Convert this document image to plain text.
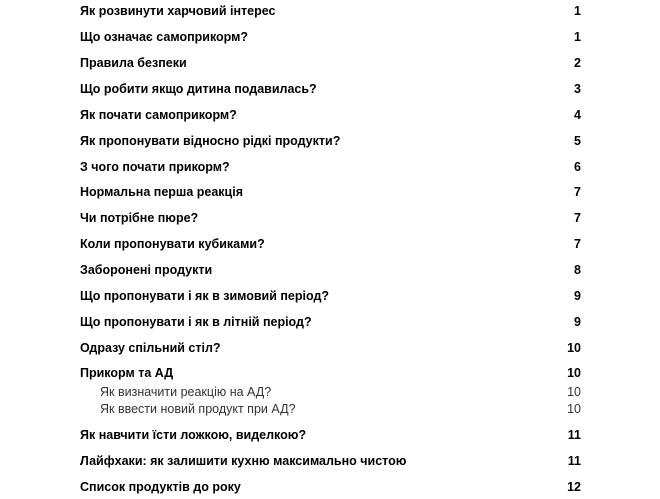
Як розвинути харчовий інтерес	1
Що означає самоприкорм?	1
Правила безпеки	2
Що робити якщо дитина подавилась?	3
Як почати самоприкорм?	4
Як пропонувати відносно рідкі продукти?	5
З чого почати прикорм?	6
Нормальна перша реакція	7
Чи потрібне пюре?	7
Коли пропонувати кубиками?	7
Заборонені продукти	8
Що пропонувати і як в зимовий період?	9
Що пропонувати і як в літній період?	9
Одразу спільний стіл?	10
Прикорм та АД	10
Як визначити реакцію на АД?	10
Як ввести новий продукт при АД?	10
Як навчити їсти ложкою, виделкою?	11
Лайфхаки: як залишити кухню максимально чистою	11
Список продуктів до року	12
